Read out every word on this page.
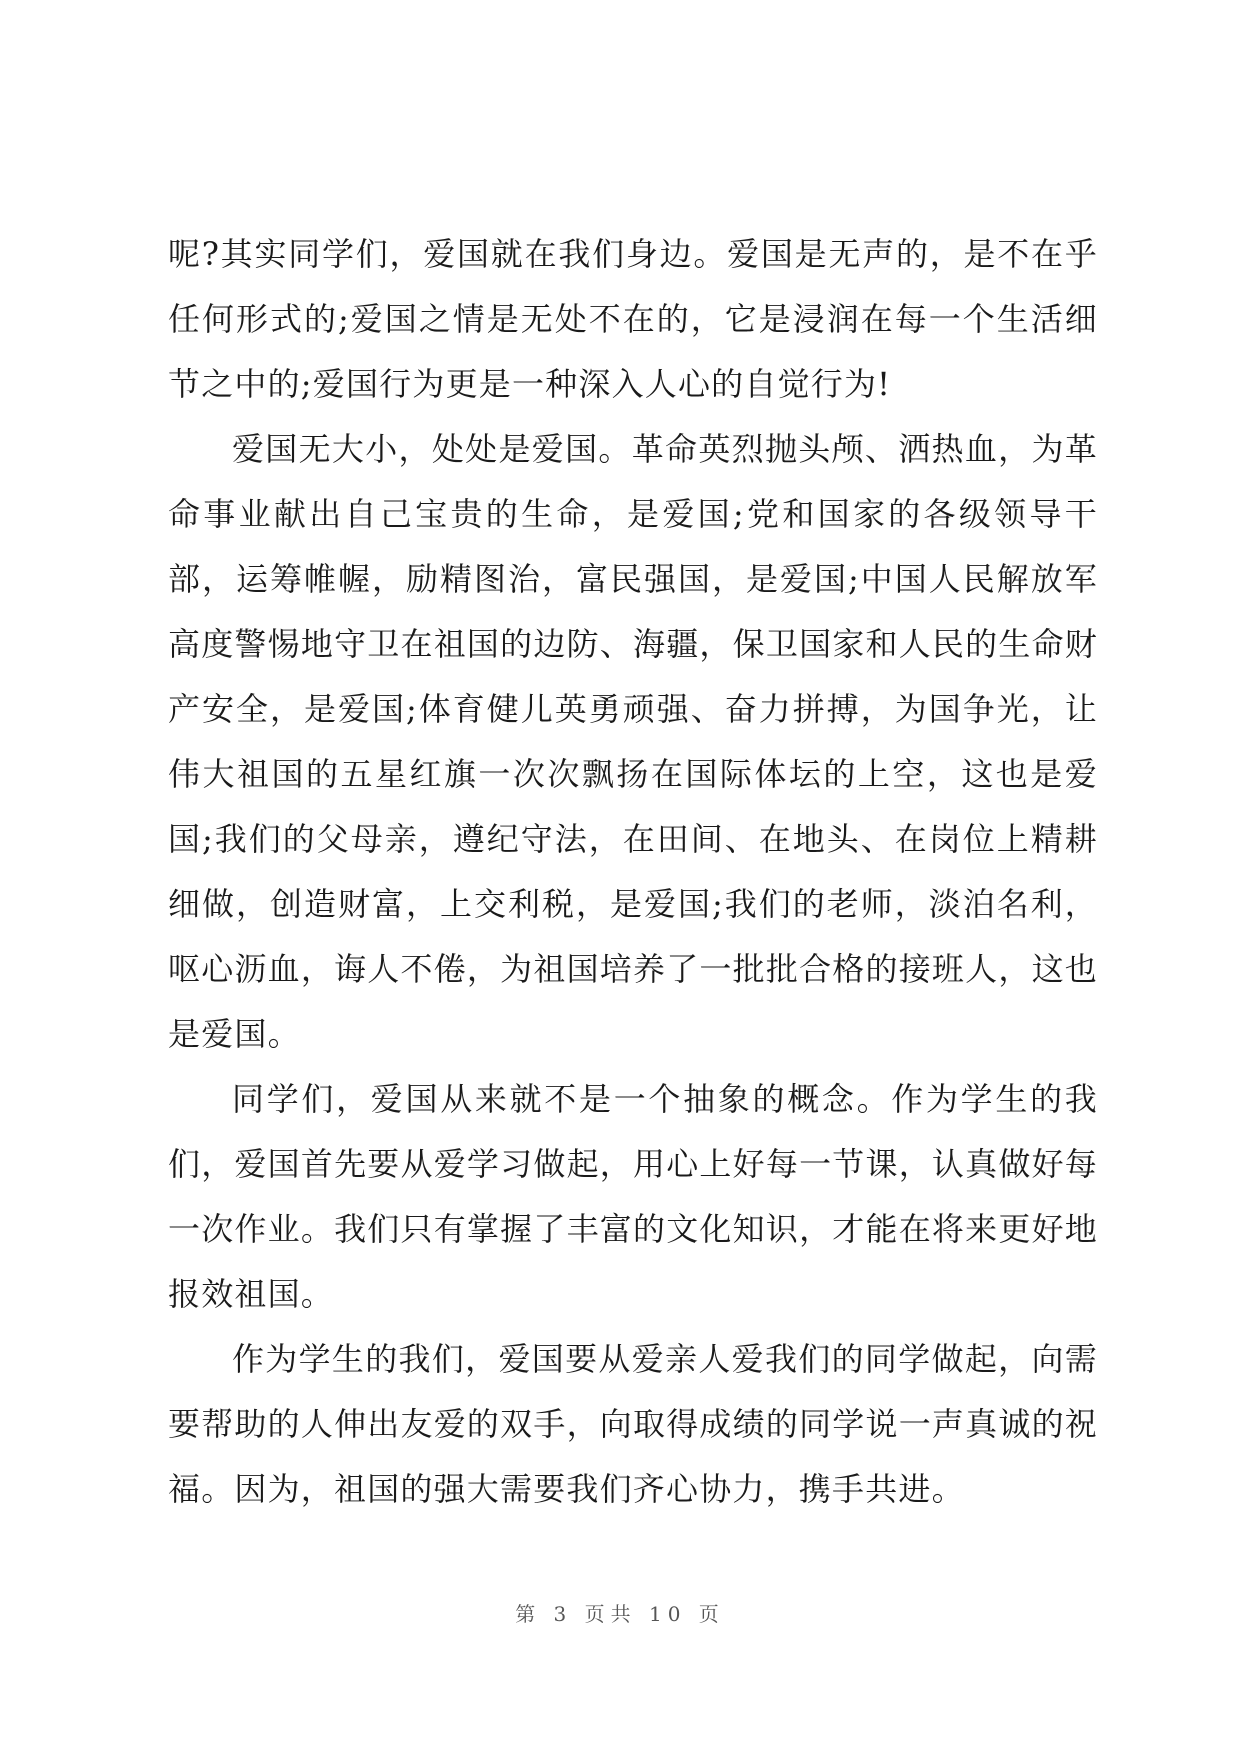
呢?其实同学们，爱国就在我们身边。爱国是无声的，是不在乎任何形式的;爱国之情是无处不在的，它是浸润在每一个生活细节之中的;爱国行为更是一种深入人心的自觉行为!

爱国无大小，处处是爱国。革命英烈抛头颅、洒热血，为革命事业献出自己宝贵的生命，是爱国;党和国家的各级领导干部，运筹帷幄，励精图治，富民强国，是爱国;中国人民解放军高度警惕地守卫在祖国的边防、海疆，保卫国家和人民的生命财产安全，是爱国;体育健儿英勇顽强、奋力拼搏，为国争光，让伟大祖国的五星红旗一次次飘扬在国际体坛的上空，这也是爱国;我们的父母亲，遵纪守法，在田间、在地头、在岗位上精耕细做，创造财富，上交利税，是爱国;我们的老师，淡泊名利，呕心沥血，诲人不倦，为祖国培养了一批批合格的接班人，这也是爱国。

同学们，爱国从来就不是一个抽象的概念。作为学生的我们，爱国首先要从爱学习做起，用心上好每一节课，认真做好每一次作业。我们只有掌握了丰富的文化知识，才能在将来更好地报效祖国。

作为学生的我们，爱国要从爱亲人爱我们的同学做起，向需要帮助的人伸出友爱的双手，向取得成绩的同学说一声真诚的祝福。因为，祖国的强大需要我们齐心协力，携手共进。

第 3 页共 10 页
